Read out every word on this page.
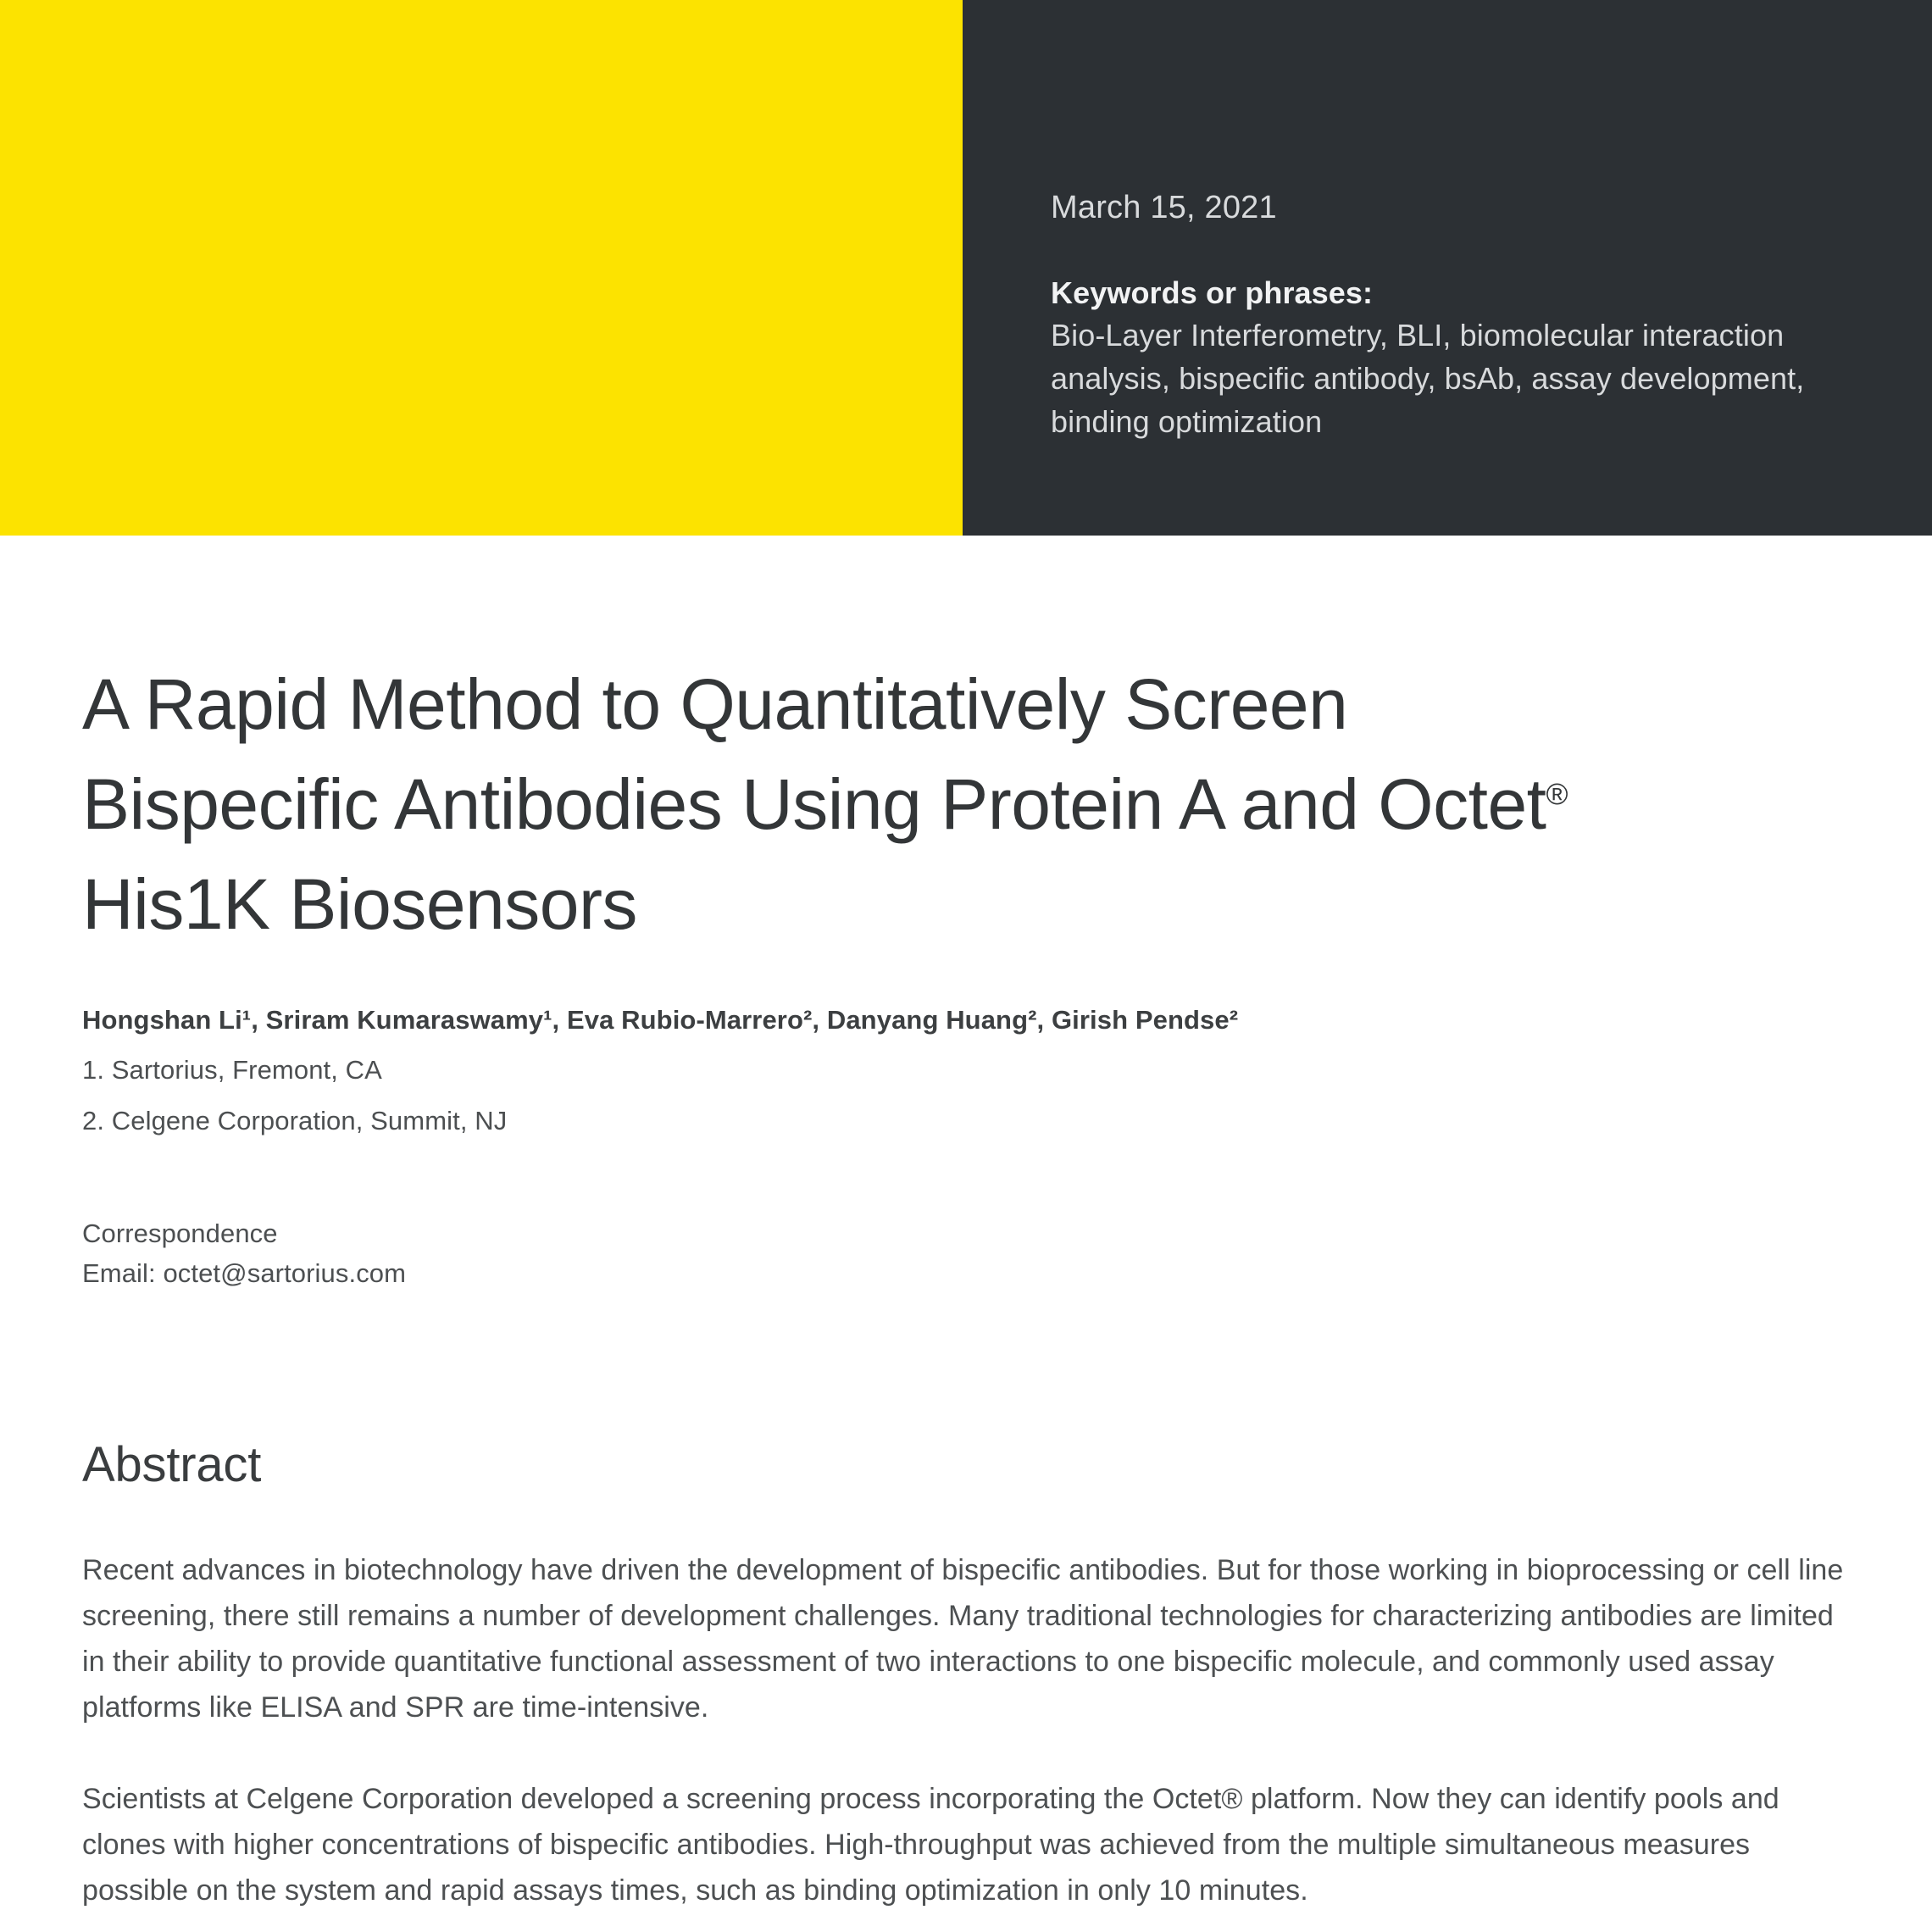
March 15, 2021

Keywords or phrases:

Bio-Layer Interferometry, BLI, biomolecular interaction analysis, bispecific antibody, bsAb, assay development, binding optimization

A Rapid Method to Quantitatively Screen Bispecific Antibodies Using Protein A and Octet® His1K Biosensors

Hongshan Li¹, Sriram Kumaraswamy¹, Eva Rubio-Marrero², Danyang Huang², Girish Pendse²

1. Sartorius, Fremont, CA

2. Celgene Corporation, Summit, NJ

Correspondence

Email: octet@sartorius.com

Abstract

Recent advances in biotechnology have driven the development of bispecific antibodies. But for those working in bioprocessing or cell line screening, there still remains a number of development challenges. Many traditional technologies for characterizing antibodies are limited in their ability to provide quantitative functional assessment of two interactions to one bispecific molecule, and commonly used assay platforms like ELISA and SPR are time-intensive.

Scientists at Celgene Corporation developed a screening process incorporating the Octet® platform. Now they can identify pools and clones with higher concentrations of bispecific antibodies. High-throughput was achieved from the multiple simultaneous measures possible on the system and rapid assays times, such as binding optimization in only 10 minutes.
